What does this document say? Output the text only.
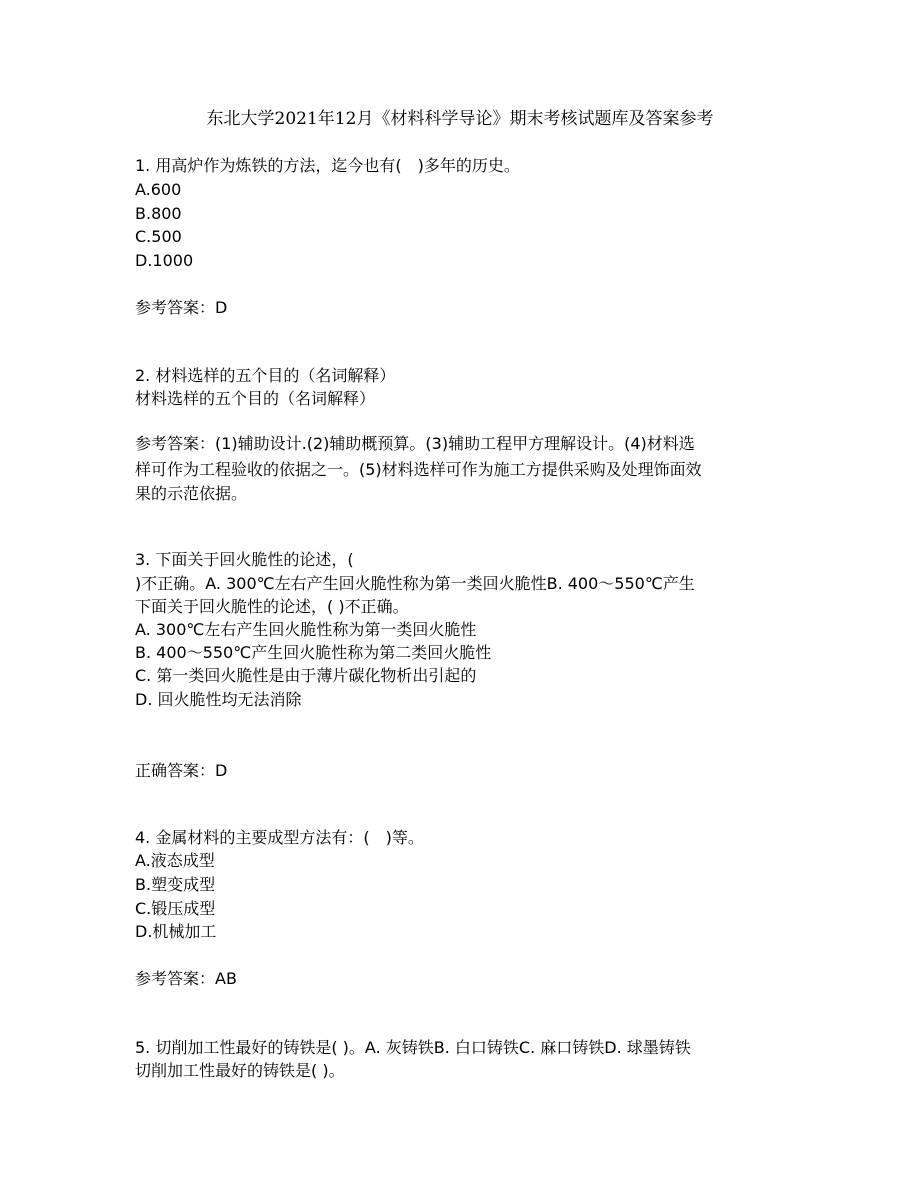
东北大学2021年12月《材料科学导论》期末考核试题库及答案参考
1. 用高炉作为炼铁的方法，迄今也有(　)多年的历史。
A.600
B.800
C.500
D.1000
参考答案：D
2. 材料选样的五个目的（名词解释）
材料选样的五个目的（名词解释）
参考答案：(1)辅助设计.(2)辅助概预算。(3)辅助工程甲方理解设计。(4)材料选
样可作为工程验收的依据之一。(5)材料选样可作为施工方提供采购及处理饰面效
果的示范依据。
3. 下面关于回火脆性的论述，(
)不正确。A. 300℃左右产生回火脆性称为第一类回火脆性B. 400～550℃产生
下面关于回火脆性的论述，( )不正确。
A. 300℃左右产生回火脆性称为第一类回火脆性
B. 400～550℃产生回火脆性称为第二类回火脆性
C. 第一类回火脆性是由于薄片碳化物析出引起的
D. 回火脆性均无法消除
正确答案：D
4. 金属材料的主要成型方法有：(　)等。
A.液态成型
B.塑变成型
C.锻压成型
D.机械加工
参考答案：AB
5. 切削加工性最好的铸铁是( )。A. 灰铸铁B. 白口铸铁C. 麻口铸铁D. 球墨铸铁
切削加工性最好的铸铁是( )。
